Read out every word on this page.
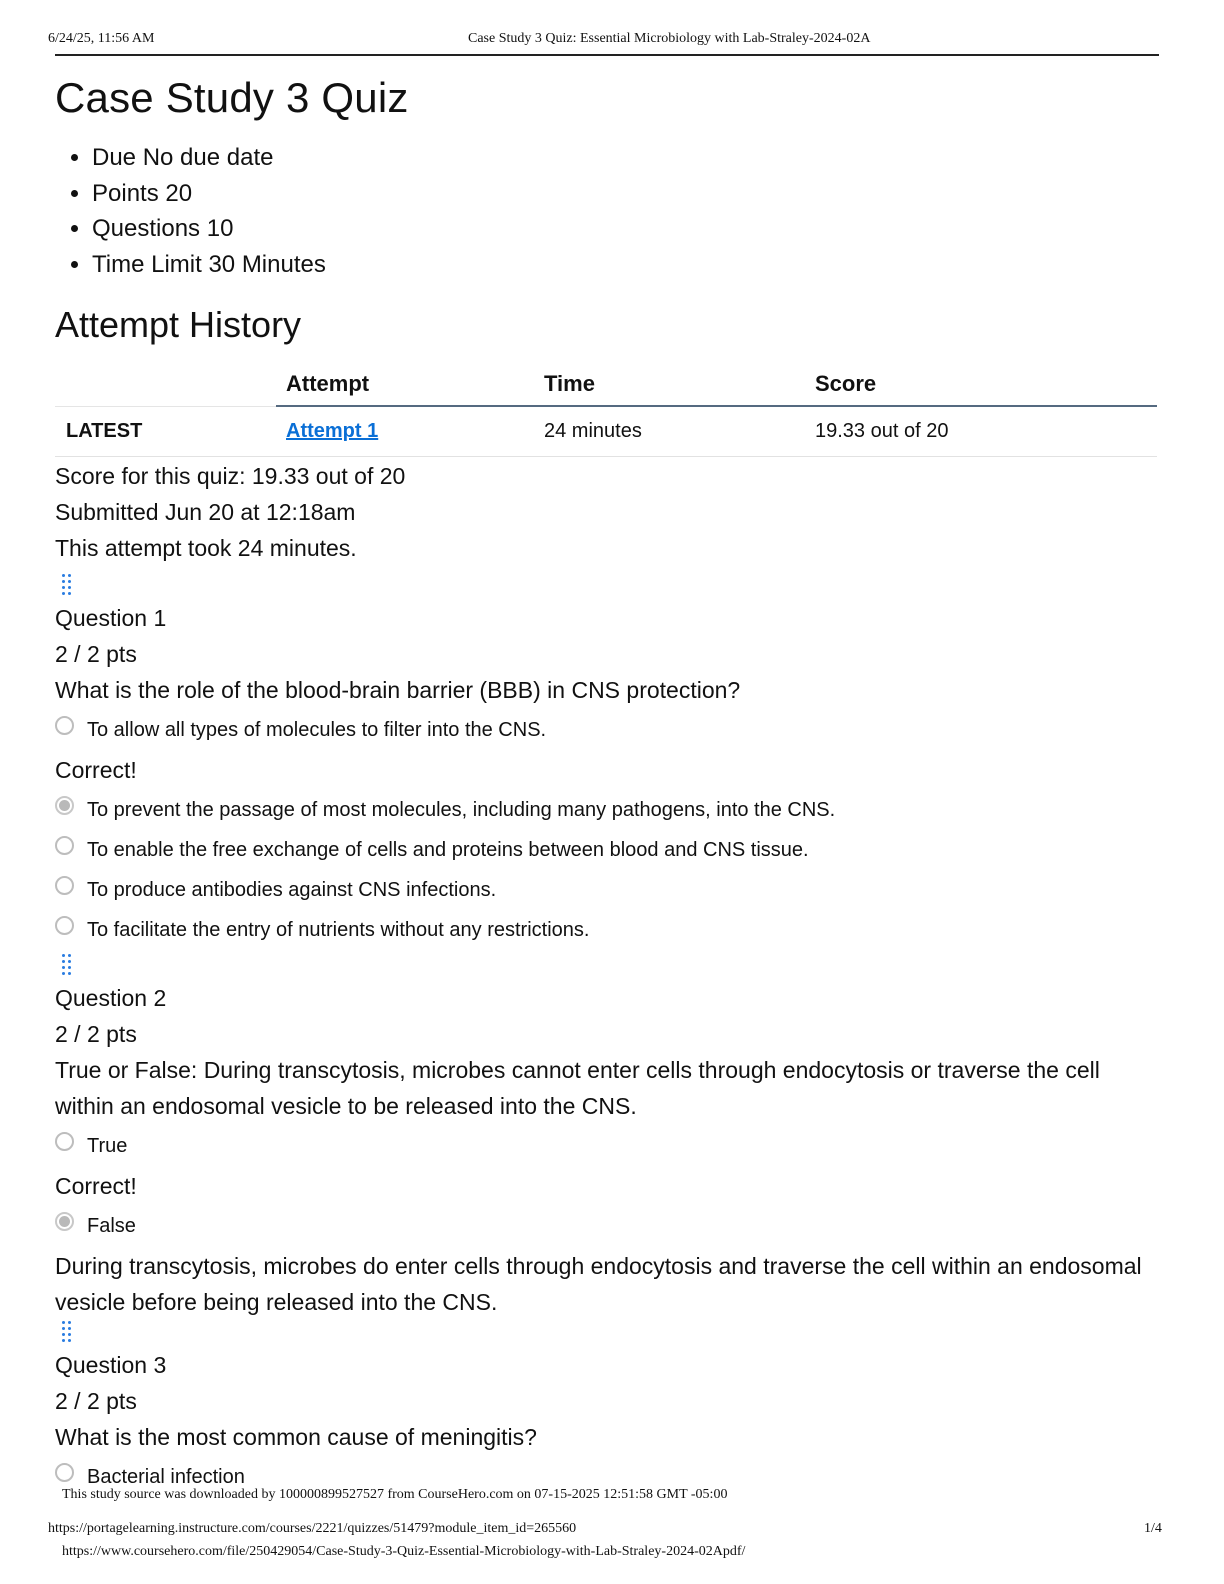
6/24/25, 11:56 AM	Case Study 3 Quiz: Essential Microbiology with Lab-Straley-2024-02A
Case Study 3 Quiz
• Due No due date
• Points 20
• Questions 10
• Time Limit 30 Minutes
Attempt History
	Attempt	Time	Score
LATEST	Attempt 1	24 minutes	19.33 out of 20
Score for this quiz: 19.33 out of 20
Submitted Jun 20 at 12:18am
This attempt took 24 minutes.
Question 1
2 / 2 pts
What is the role of the blood-brain barrier (BBB) in CNS protection?
To allow all types of molecules to filter into the CNS.
Correct!
To prevent the passage of most molecules, including many pathogens, into the CNS.
To enable the free exchange of cells and proteins between blood and CNS tissue.
To produce antibodies against CNS infections.
To facilitate the entry of nutrients without any restrictions.
Question 2
2 / 2 pts
True or False: During transcytosis, microbes cannot enter cells through endocytosis or traverse the cell within an endosomal vesicle to be released into the CNS.
True
Correct!
False
During transcytosis, microbes do enter cells through endocytosis and traverse the cell within an endosomal vesicle before being released into the CNS.
Question 3
2 / 2 pts
What is the most common cause of meningitis?
Bacterial infection
This study source was downloaded by 100000899527527 from CourseHero.com on 07-15-2025 12:51:58 GMT -05:00
https://portagelearning.instructure.com/courses/2221/quizzes/51479?module_item_id=265560	1/4
https://www.coursehero.com/file/250429054/Case-Study-3-Quiz-Essential-Microbiology-with-Lab-Straley-2024-02Apdf/
